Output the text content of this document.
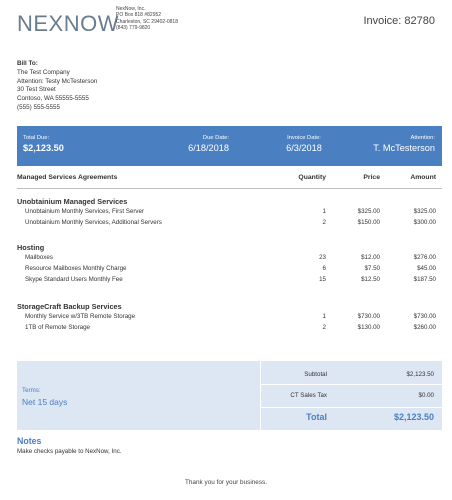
NEXNOW
NexNow, Inc.
PO Box 818 #82952
Charleston, SC 29402-0818
(843) 779-9820
Invoice: 82780
Bill To:
The Test Company
Attention: Testy McTesterson
30 Test Street
Contoso, WA 55555-5555
(555) 555-5555
Total Due:
$2,123.50
Due Date:
6/18/2018
Invoice Date:
6/3/2018
Attention:
T. McTesterson
Managed Services Agreements	Quantity	Price	Amount
Unobtainium Managed Services
Unobtainium Monthly Services, First Server	1	$325.00	$325.00
Unobtainium Monthly Services, Additional Servers	2	$150.00	$300.00
Hosting
Mailboxes	23	$12.00	$276.00
Resource Mailboxes Monthly Charge	6	$7.50	$45.00
Skype Standard Users Monthly Fee	15	$12.50	$187.50
StorageCraft Backup Services
Monthly Service w/3TB Remote Storage	1	$730.00	$730.00
1TB of Remote Storage	2	$130.00	$260.00
Terms:
Net 15 days
Subtotal	$2,123.50
CT Sales Tax	$0.00
Total	$2,123.50
Notes
Make checks payable to NexNow, Inc.
Thank you for your business.
